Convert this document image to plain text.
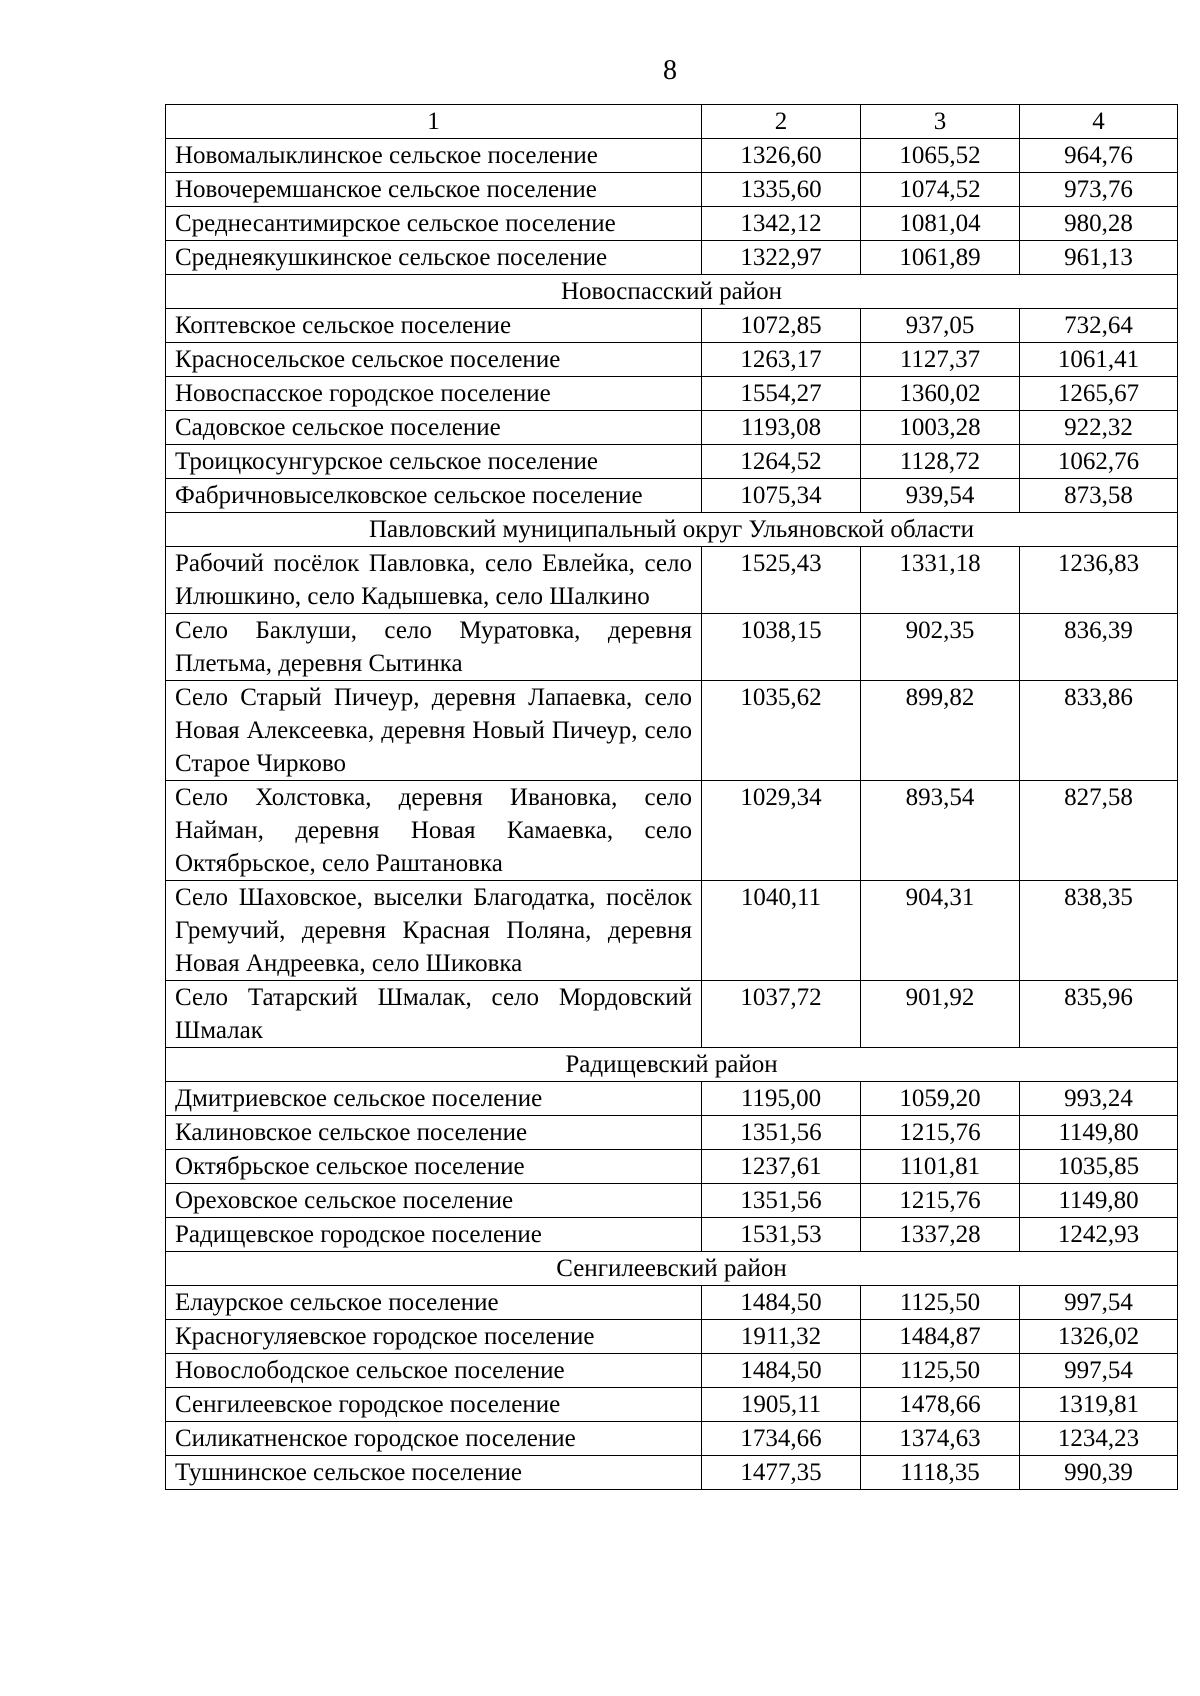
8
1	2	3	4
Новомалыклинское сельское поселение	1326,60	1065,52	964,76
Новочеремшанское сельское поселение	1335,60	1074,52	973,76
Среднесантимирское сельское поселение	1342,12	1081,04	980,28
Среднеякушкинское сельское поселение	1322,97	1061,89	961,13
Новоспасский район			
Коптевское сельское поселение	1072,85	937,05	732,64
Красносельское сельское поселение	1263,17	1127,37	1061,41
Новоспасское городское поселение	1554,27	1360,02	1265,67
Садовское сельское поселение	1193,08	1003,28	922,32
Троицкосунгурское сельское поселение	1264,52	1128,72	1062,76
Фабричновыселковское сельское поселение	1075,34	939,54	873,58
Павловский муниципальный округ Ульяновской области			
Рабочий посёлок Павловка, село Евлейка, село Илюшкино, село Кадышевка, село Шалкино	1525,43	1331,18	1236,83
Село Баклуши, село Муратовка, деревня Плетьма, деревня Сытинка	1038,15	902,35	836,39
Село Старый Пичеур, деревня Лапаевка, село Новая Алексеевка, деревня Новый Пичеур, село Старое Чирково	1035,62	899,82	833,86
Село Холстовка, деревня Ивановка, село Найман, деревня Новая Камаевка, село Октябрьское, село Раштановка	1029,34	893,54	827,58
Село Шаховское, выселки Благодатка, посёлок Гремучий, деревня Красная Поляна, деревня Новая Андреевка, село Шиковка	1040,11	904,31	838,35
Село Татарский Шмалак, село Мордовский Шмалак	1037,72	901,92	835,96
Радищевский район			
Дмитриевское сельское поселение	1195,00	1059,20	993,24
Калиновское сельское поселение	1351,56	1215,76	1149,80
Октябрьское сельское поселение	1237,61	1101,81	1035,85
Ореховское сельское поселение	1351,56	1215,76	1149,80
Радищевское городское поселение	1531,53	1337,28	1242,93
Сенгилеевский район			
Елаурское сельское поселение	1484,50	1125,50	997,54
Красногуляевское городское поселение	1911,32	1484,87	1326,02
Новослободское сельское поселение	1484,50	1125,50	997,54
Сенгилеевское городское поселение	1905,11	1478,66	1319,81
Силикатненское городское поселение	1734,66	1374,63	1234,23
Тушнинское сельское поселение	1477,35	1118,35	990,39
